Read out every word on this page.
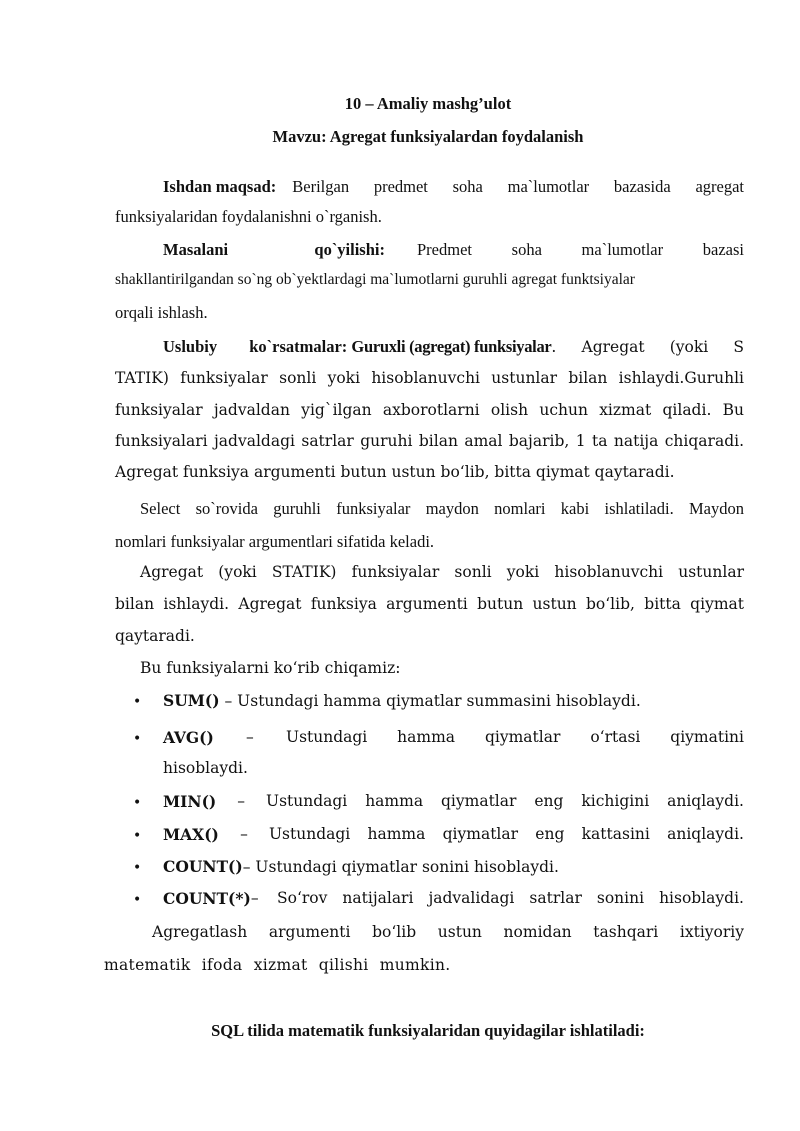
10 – Amaliy mashg’ulot
Mavzu: Agregat funksiyalardan foydalanish
Ishdan maqsad: Berilgan predmet soha ma`lumotlar bazasida agregat
funksiyalaridan foydalanishni o`rganish.
Masalani qo`yilishi:	Predmet soha ma`lumotlar bazasi
shakllantirilgandan so`ng ob`yektlardagi ma`lumotlarni guruhli agregat funktsiyalar
orqali ishlash.
Uslubiy ko`rsatmalar : Guruxli (agregat) funksiyalar . Agregat (yoki S
TATIK) funksiyalar sonli yoki hisoblanuvchi ustunlar bilan ishlaydi.Guruhli
funksiyalar jadvaldan yig`ilgan axborotlarni olish uchun xizmat qiladi. Bu
funksiyalari jadvaldagi satrlar guruhi bilan amal bajarib, 1 ta natija chiqaradi.
Agregat funksiya argumenti butun ustun bo‘lib, bitta qiymat qaytaradi.
Select so`rovida guruhli funksiyalar maydon nomlari kabi ishlatiladi. Maydon
nomlari funksiyalar argumentlari sifatida keladi.
Agregat (yoki STATIK) funksiyalar sonli yoki hisoblanuvchi ustunlar
bilan ishlaydi. Agregat funksiya argumenti butun ustun bo‘lib, bitta qiymat
qaytaradi.
Bu funksiyalarni ko‘rib chiqamiz:
• SUM() – Ustundagi hamma qiymatlar summasini hisoblaydi.
• AVG() – Ustundagi hamma qiymatlar o‘rtasi qiymatini
hisoblaydi.
• MIN() – Ustundagi hamma qiymatlar eng kichigini aniqlaydi.
• MAX() – Ustundagi hamma qiymatlar eng kattasini aniqlaydi.
• COUNT()– Ustundagi qiymatlar sonini hisoblaydi.
• COUNT(*) – So‘rov natijalari jadvalidagi satrlar sonini hisoblaydi.
Agregatlash argumenti bo‘lib ustun nomidan tashqari ixtiyoriy
matematik ifoda xizmat qilishi mumkin.
SQL tilida matematik funksiyalaridan quyidagilar ishlatiladi:
